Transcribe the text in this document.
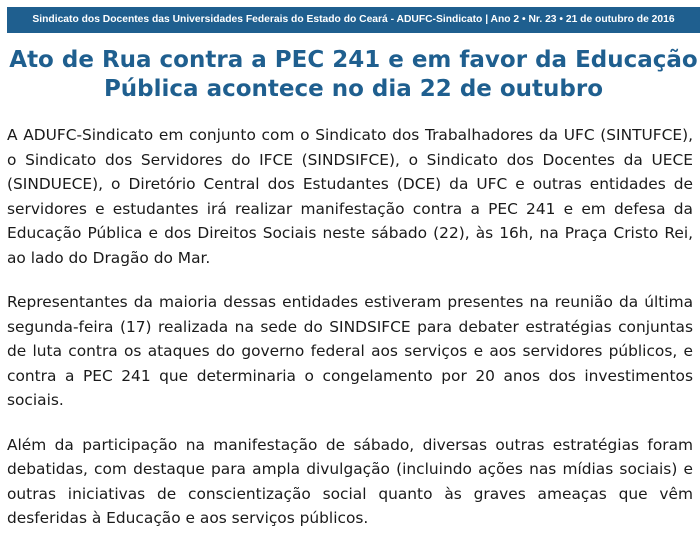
Sindicato dos Docentes das Universidades Federais do Estado do Ceará - ADUFC-Sindicato | Ano 2 • Nr. 23 • 21 de outubro de 2016
Ato de Rua contra a PEC 241 e em favor da Educação Pública acontece no dia 22 de outubro

A ADUFC-Sindicato em conjunto com o Sindicato dos Trabalhadores da UFC (SINTUFCE), o Sindicato dos Servidores do IFCE (SINDSIFCE), o Sindicato dos Docentes da UECE (SINDUECE), o Diretório Central dos Estudantes (DCE) da UFC e outras entidades de servidores e estudantes irá realizar manifestação contra a PEC 241 e em defesa da Educação Pública e dos Direitos Sociais neste sábado (22), às 16h, na Praça Cristo Rei, ao lado do Dragão do Mar.

Representantes da maioria dessas entidades estiveram presentes na reunião da última segunda-feira (17) realizada na sede do SINDSIFCE para debater estratégias conjuntas de luta contra os ataques do governo federal aos serviços e aos servidores públicos, e contra a PEC 241 que determinaria o congelamento por 20 anos dos investimentos sociais.

Além da participação na manifestação de sábado, diversas outras estratégias foram debatidas, com destaque para ampla divulgação (incluindo ações nas mídias sociais) e outras iniciativas de conscientização social quanto às graves ameaças que vêm desferidas à Educação e aos serviços públicos.
